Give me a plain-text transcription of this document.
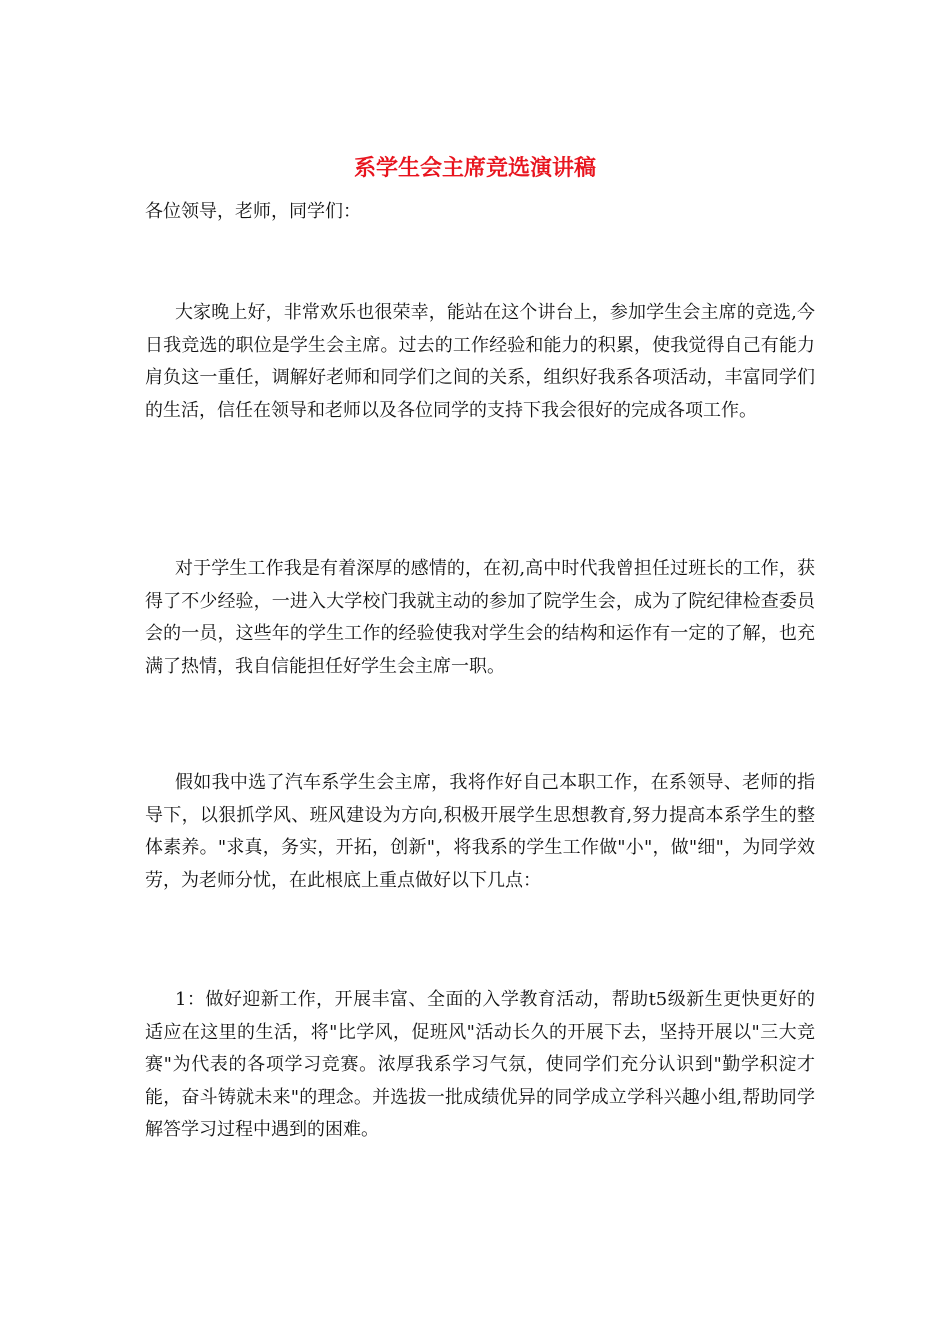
系学生会主席竞选演讲稿

各位领导，老师，同学们：

大家晚上好，非常欢乐也很荣幸，能站在这个讲台上，参加学生会主席的竞选,今日我竞选的职位是学生会主席。过去的工作经验和能力的积累，使我觉得自己有能力肩负这一重任，调解好老师和同学们之间的关系，组织好我系各项活动，丰富同学们的生活，信任在领导和老师以及各位同学的支持下我会很好的完成各项工作。

对于学生工作我是有着深厚的感情的，在初,高中时代我曾担任过班长的工作，获得了不少经验，一进入大学校门我就主动的参加了院学生会，成为了院纪律检查委员会的一员，这些年的学生工作的经验使我对学生会的结构和运作有一定的了解，也充满了热情，我自信能担任好学生会主席一职。

假如我中选了汽车系学生会主席，我将作好自己本职工作，在系领导、老师的指导下，以狠抓学风、班风建设为方向,积极开展学生思想教育,努力提高本系学生的整体素养。"求真，务实，开拓，创新"，将我系的学生工作做"小"，做"细"，为同学效劳，为老师分忧，在此根底上重点做好以下几点：

1：做好迎新工作，开展丰富、全面的入学教育活动，帮助t5级新生更快更好的适应在这里的生活，将"比学风，促班风"活动长久的开展下去，坚持开展以"三大竞赛"为代表的各项学习竞赛。浓厚我系学习气氛，使同学们充分认识到"勤学积淀才能，奋斗铸就未来"的理念。并选拔一批成绩优异的同学成立学科兴趣小组,帮助同学解答学习过程中遇到的困难。
